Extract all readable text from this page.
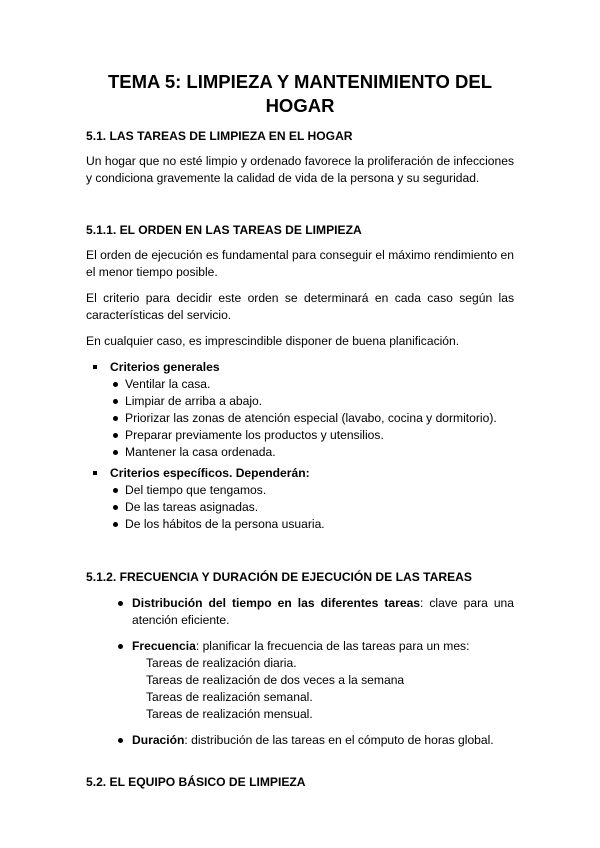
TEMA 5: LIMPIEZA Y MANTENIMIENTO DEL
HOGAR
5.1. LAS TAREAS DE LIMPIEZA EN EL HOGAR

Un hogar que no esté limpio y ordenado favorece la proliferación de infecciones y condiciona gravemente la calidad de vida de la persona y su seguridad.

5.1.1. EL ORDEN EN LAS TAREAS DE LIMPIEZA

El orden de ejecución es fundamental para conseguir el máximo rendimiento en el menor tiempo posible.

El criterio para decidir este orden se determinará en cada caso según las características del servicio.

En cualquier caso, es imprescindible disponer de buena planificación.

Criterios generales
Ventilar la casa.
Limpiar de arriba a abajo.
Priorizar las zonas de atención especial (lavabo, cocina y dormitorio).
Preparar previamente los productos y utensilios.
Mantener la casa ordenada.
Criterios específicos. Dependerán:
Del tiempo que tengamos.
De las tareas asignadas.
De los hábitos de la persona usuaria.
5.1.2. FRECUENCIA Y DURACIÓN DE EJECUCIÓN DE LAS TAREAS
Distribución del tiempo en las diferentes tareas: clave para una atención eficiente.
Frecuencia: planificar la frecuencia de las tareas para un mes:
Tareas de realización diaria.
Tareas de realización de dos veces a la semana
Tareas de realización semanal.
Tareas de realización mensual.
Duración: distribución de las tareas en el cómputo de horas global.
5.2. EL EQUIPO BÁSICO DE LIMPIEZA
